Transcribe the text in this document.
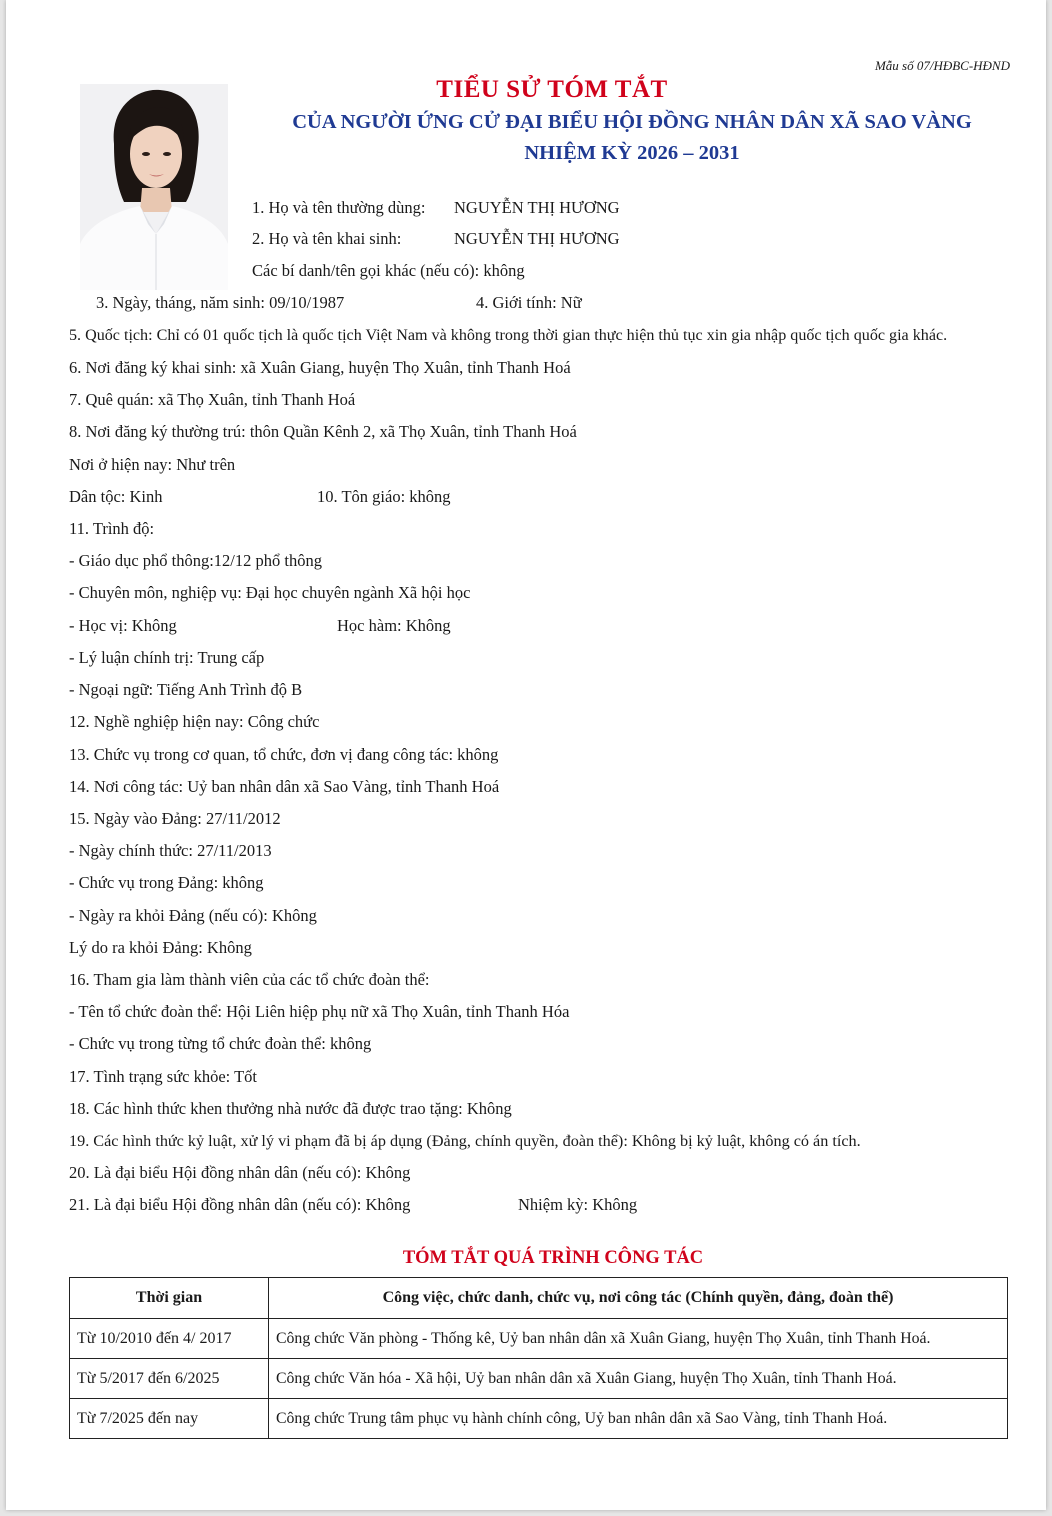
Mẫu số 07/HĐBC-HĐND
TIỂU SỬ TÓM TẮT
CỦA NGƯỜI ỨNG CỬ ĐẠI BIỂU HỘI ĐỒNG NHÂN DÂN XÃ SAO VÀNG
NHIỆM KỲ 2026 – 2031
1. Họ và tên thường dùng: NGUYỄN THỊ HƯƠNG
2. Họ và tên khai sinh:	NGUYỄN THỊ HƯƠNG
Các bí danh/tên gọi khác (nếu có): không
3. Ngày, tháng, năm sinh: 09/10/1987	4. Giới tính: Nữ
5. Quốc tịch: Chỉ có 01 quốc tịch là quốc tịch Việt Nam và không trong thời gian thực hiện thủ tục xin gia nhập quốc tịch quốc gia khác.
6. Nơi đăng ký khai sinh: xã Xuân Giang, huyện Thọ Xuân, tỉnh Thanh Hoá
7. Quê quán: xã Thọ Xuân, tỉnh Thanh Hoá
8. Nơi đăng ký thường trú: thôn Quần Kênh 2, xã Thọ Xuân, tỉnh Thanh Hoá
Nơi ở hiện nay: Như trên
Dân tộc: Kinh	10. Tôn giáo: không
11. Trình độ:
- Giáo dục phổ thông:12/12 phổ thông
- Chuyên môn, nghiệp vụ: Đại học chuyên ngành Xã hội học
- Học vị: Không	Học hàm: Không
- Lý luận chính trị: Trung cấp
- Ngoại ngữ: Tiếng Anh Trình độ B
12. Nghề nghiệp hiện nay: Công chức
13. Chức vụ trong cơ quan, tổ chức, đơn vị đang công tác: không
14. Nơi công tác: Uỷ ban nhân dân xã Sao Vàng, tỉnh Thanh Hoá
15. Ngày vào Đảng: 27/11/2012
- Ngày chính thức: 27/11/2013
- Chức vụ trong Đảng: không
- Ngày ra khỏi Đảng (nếu có): Không
Lý do ra khỏi Đảng: Không
16. Tham gia làm thành viên của các tổ chức đoàn thể:
- Tên tổ chức đoàn thể: Hội Liên hiệp phụ nữ xã Thọ Xuân, tỉnh Thanh Hóa
- Chức vụ trong từng tổ chức đoàn thể: không
17. Tình trạng sức khỏe: Tốt
18. Các hình thức khen thưởng nhà nước đã được trao tặng: Không
19. Các hình thức kỷ luật, xử lý vi phạm đã bị áp dụng (Đảng, chính quyền, đoàn thể): Không bị kỷ luật, không có án tích.
20. Là đại biểu Hội đồng nhân dân (nếu có): Không
21. Là đại biểu Hội đồng nhân dân (nếu có): Không	Nhiệm kỳ: Không
TÓM TẮT QUÁ TRÌNH CÔNG TÁC
Thời gian	Công việc, chức danh, chức vụ, nơi công tác (Chính quyền, đảng, đoàn thể)
Từ 10/2010 đến 4/ 2017	Công chức Văn phòng - Thống kê, Uỷ ban nhân dân xã Xuân Giang, huyện Thọ Xuân, tỉnh Thanh Hoá.
Từ 5/2017 đến 6/2025	Công chức Văn hóa - Xã hội, Uỷ ban nhân dân xã Xuân Giang, huyện Thọ Xuân, tỉnh Thanh Hoá.
Từ 7/2025 đến nay	Công chức Trung tâm phục vụ hành chính công, Uỷ ban nhân dân xã Sao Vàng, tỉnh Thanh Hoá.
